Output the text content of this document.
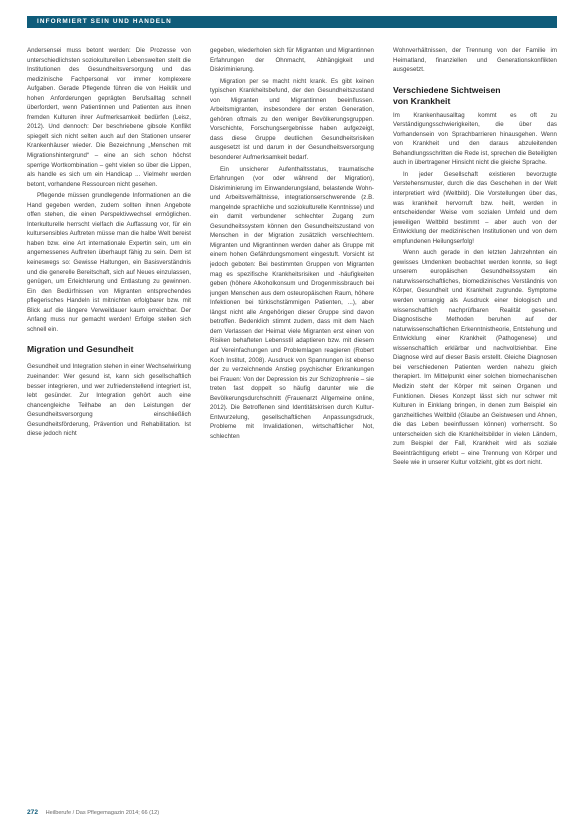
INFORMIERT SEIN UND HANDELN

Andersensei muss betont werden: Die Prozesse von unterschiedlichsten soziokulturellen Lebenswelten stellt die Institutionen des Gesundheitsversorgung und das medizinische Fachpersonal vor immer komplexere Aufgaben. Gerade Pflegende führen die von Heiklik und hohen Anforderungen geprägten Berufsalltag schnell überfordert, wenn Patientinnen und Patienten aus ihnen fremden Kulturen ihrer Aufmerksamkeit bedürfen (Leisz, 2012). Und dennoch: Der beschriebene gibsole Konflikt spiegelt sich nicht selten auch auf den Stationen unserer Krankenhäuser wieder. Die Bezeichnung „Menschen mit Migrationshintergrund“ – eine an sich schon höchst sperrige Wortkombination – geht vielen so über die Lippen, als handle es sich um ein Handicap ... Vielmehr werden betont, vorhandene Ressourcen nicht gesehen.

Pflegende müssen grundlegende Informationen an die Hand gegeben werden, zudem sollten ihnen Angebote offen stehen, die einen Perspektivwechsel ermöglichen. Interkulturelle herrscht vielfach die Auffassung vor, für ein kultursensibles Auftreten müsse man die halbe Welt bereist haben bzw. eine Art internationale Expertin sein, um ein angemessenes Auftreten überhaupt fähig zu sein. Dem ist keineswegs so: Gewisse Haltungen, ein Basisverständnis und die generelle Bereitschaft, sich auf Neues einzulassen, genügen, um Erleichterung und Entlastung zu gewinnen. Ein den Bedürfnissen von Migranten entsprechendes pflegerisches Handeln ist mitnichten erfolgbarer bzw. mit Blick auf die längere Verweildauer kaum erreichbar. Der Anfang muss nur gemacht werden! Erfolge stellen sich schnell ein.

Migration und Gesundheit

Gesundheit und Integration stehen in einer Wechselwirkung zueinander: Wer gesund ist, kann sich gesellschaftlich besser integrieren, und wer zufriedenstellend integriert ist, lebt gesünder. Zur Integration gehört auch eine chancengleiche Teilhabe an den Leistungen der Gesundheitsversorgung einschließlich Gesundheitsförderung, Prävention und Rehabilitation. Ist diese jedoch nicht

gegeben, wiederholen sich für Migranten und Migrantinnen Erfahrungen der Ohnmacht, Abhängigkeit und Diskriminierung.

Migration per se macht nicht krank. Es gibt keinen typischen Krankheitsbefund, der den Gesundheitszustand von Migranten und Migrantinnen beeinflussen. Arbeitsmigranten, insbesondere der ersten Generation, gehören oftmals zu den weniger Bevölkerungsgruppen. Vorschichte, Forschungsergebnisse haben aufgezeigt, dass diese Gruppe deutlichen Gesundheitsrisiken ausgesetzt ist und darum in der Gesundheitsversorgung besonderer Aufmerksamkeit bedarf.

Ein unsicherer Aufenthaltsstatus, traumatische Erfahrungen (vor oder während der Migration), Diskriminierung im Einwanderungsland, belastende Wohn- und Arbeitsverhältnisse, integrationserschwerende (z.B. mangelnde sprachliche und soziokulturelle Kenntnisse) und ein damit verbundener schlechter Zugang zum Gesundheitssystem können den Gesundheitszustand von Menschen in der Migration zusätzlich verschlechtern. Migranten und Migrantinnen werden daher als Gruppe mit einem hohen Gefährdungsmoment eingestuft. Vorsicht ist jedoch geboten: Bei bestimmten Gruppen von Migranten mag es spezifische Krankheitsrisiken und -häufigkeiten geben (höhere Alkoholkonsum und Drogenmissbrauch bei jungen Menschen aus dem osteuropäischen Raum, höhere Infektionen bei türkischstämmigen Patienten, ...), aber längst nicht alle Angehörigen dieser Gruppe sind davon betroffen. Bedenklich stimmt zudem, dass mit dem Nach dem Verlassen der Heimat viele Migranten erst einen von Risiken behafteten Lebensstil adaptieren bzw. mit diesem auf Vereinfachungen und Problemlagen reagieren (Robert Koch Institut, 2008). Ausdruck von Spannungen ist ebenso der zu verzeichnende Anstieg psychischer Erkrankungen bei Frauen: Von der Depression bis zur Schizophrenie – sie treten fast doppelt so häufig darunter wie die Bevölkerungsdurchschnitt (Frauenarzt Allgemeine online, 2012). Die Betroffenen sind Identitätskrisen durch Kultur-Entwurzelung, gesellschaftlichen Anpassungsdruck, Probleme mit Invalidationen, wirtschaftlicher Not, schlechten

Wohnverhältnissen, der Trennung von der Familie im Heimatland, finanziellen und Generationskonflikten ausgesetzt.

Verschiedene Sichtweisen
von Krankheit

Im Krankenhausalltag kommt es oft zu Verständigungsschwierigkeiten, die über das Vorhandensein von Sprachbarrieren hinausgehen. Wenn von Krankheit und den daraus abzuleitenden Behandlungsschritten die Rede ist, sprechen die Beteiligten auch in übertragener Hinsicht nicht die gleiche Sprache.

In jeder Gesellschaft existieren bevorzugte Verstehensmuster, durch die das Geschehen in der Welt interpretiert wird (Weltbild). Die Vorstellungen über das, was krankheit hervorruft bzw. heilt, werden in entscheidender Weise vom sozialen Umfeld und dem jeweiligen Weltbild bestimmt – aber auch von der Entwicklung der medizinischen Institutionen und von dem empfundenen Heilungserfolg!

Wenn auch gerade in den letzten Jahrzehnten ein gewisses Umdenken beobachtet werden konnte, so liegt unserem europäischen Gesundheitssystem ein naturwissenschaftliches, biomedizinisches Verständnis von Körper, Gesundheit und Krankheit zugrunde. Symptome werden vorrangig als Ausdruck einer biologisch und wissenschaftlich nachprüfbaren Realität gesehen. Diagnostische Methoden beruhen auf der naturwissenschaftlichen Erkenntnistheorie, Entstehung und Entwicklung einer Krankheit (Pathogenese) und wissenschaftlich erklärbar und nachvollziehbar. Eine Diagnose wird auf dieser Basis erstellt. Gleiche Diagnosen bei verschiedenen Patienten werden nahezu gleich therapiert. Im Mittelpunkt einer solchen biomechanischen Medizin steht der Körper mit seinen Organen und Funktionen. Dieses Konzept lässt sich nur schwer mit Kulturen in Einklang bringen, in denen zum Beispiel ein ganzheitliches Weltbild (Glaube an Geistwesen und Ahnen, die das Leben beeinflussen können) vorherrscht. So unterscheiden sich die Krankheitsbilder in vielen Ländern, zum Beispiel der Fall, Krankheit wird als soziale Beeinträchtigung erlebt – eine Trennung von Körper und Seele wie in unserer Kultur vollzieht, gibt es dort nicht.

272 Heilberufe / Das Pflegemagazin 2014; 66 (12)
